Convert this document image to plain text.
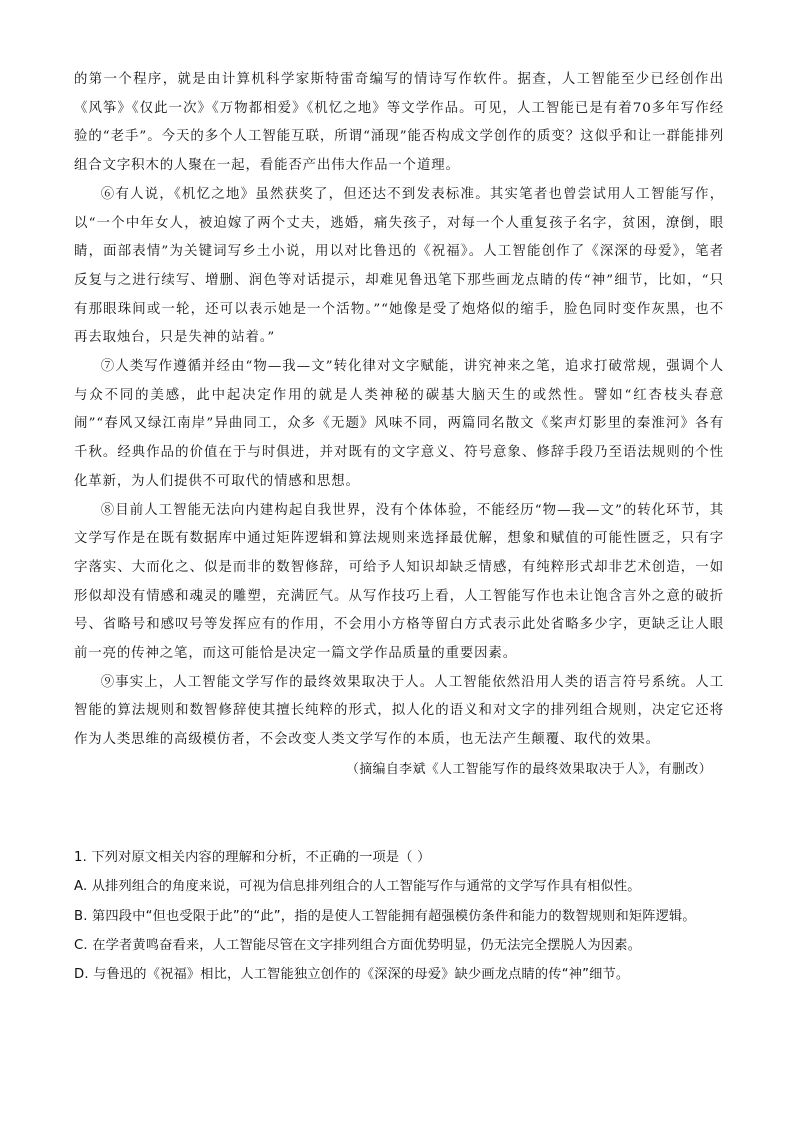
的第一个程序，就是由计算机科学家斯特雷奇编写的情诗写作软件。据查，人工智能至少已经创作出《风筝》《仅此一次》《万物都相爱》《机忆之地》等文学作品。可见，人工智能已是有着70多年写作经验的“老手”。今天的多个人工智能互联，所谓“涌现”能否构成文学创作的质变？这似乎和让一群能排列组合文字积木的人聚在一起，看能否产出伟大作品一个道理。

⑥有人说，《机忆之地》虽然获奖了，但还达不到发表标准。其实笔者也曾尝试用人工智能写作，以“一个中年女人，被迫嫁了两个丈夫，逃婚，痛失孩子，对每一个人重复孩子名字，贫困，潦倒，眼睛，面部表情”为关键词写乡土小说，用以对比鲁迅的《祝福》。人工智能创作了《深深的母爱》，笔者反复与之进行续写、增删、润色等对话提示，却难见鲁迅笔下那些画龙点睛的传“神”细节，比如，“只有那眼珠间或一轮，还可以表示她是一个活物。”“她像是受了炮烙似的缩手，脸色同时变作灰黑，也不再去取烛台，只是失神的站着。”

⑦人类写作遵循并经由“物—我—文”转化律对文字赋能，讲究神来之笔，追求打破常规，强调个人与众不同的美感，此中起决定作用的就是人类神秘的碳基大脑天生的或然性。譬如“红杏枝头春意闹”“春风又绿江南岸”异曲同工，众多《无题》风味不同，两篇同名散文《桨声灯影里的秦淮河》各有千秋。经典作品的价值在于与时俱进，并对既有的文字意义、符号意象、修辞手段乃至语法规则的个性化革新，为人们提供不可取代的情感和思想。

⑧目前人工智能无法向内建构起自我世界，没有个体体验，不能经历“物—我—文”的转化环节，其文学写作是在既有数据库中通过矩阵逻辑和算法规则来选择最优解，想象和赋值的可能性匮乏，只有字字落实、大而化之、似是而非的数智修辞，可给予人知识却缺乏情感，有纯粹形式却非艺术创造，一如形似却没有情感和魂灵的雕塑，充满匠气。从写作技巧上看，人工智能写作也未让饱含言外之意的破折号、省略号和感叹号等发挥应有的作用，不会用小方格等留白方式表示此处省略多少字，更缺乏让人眼前一亮的传神之笔，而这可能恰是决定一篇文学作品质量的重要因素。

⑨事实上，人工智能文学写作的最终效果取决于人。人工智能依然沿用人类的语言符号系统。人工智能的算法规则和数智修辞使其擅长纯粹的形式，拟人化的语义和对文字的排列组合规则，决定它还将作为人类思维的高级模仿者，不会改变人类文学写作的本质，也无法产生颠覆、取代的效果。

（摘编自李斌《人工智能写作的最终效果取决于人》，有删改）

1. 下列对原文相关内容的理解和分析，不正确的一项是（ ）

A. 从排列组合的角度来说，可视为信息排列组合的人工智能写作与通常的文学写作具有相似性。

B. 第四段中“但也受限于此”的“此”，指的是使人工智能拥有超强模仿条件和能力的数智规则和矩阵逻辑。

C. 在学者黄鸣奋看来，人工智能尽管在文字排列组合方面优势明显，仍无法完全摆脱人为因素。

D. 与鲁迅的《祝福》相比，人工智能独立创作的《深深的母爱》缺少画龙点睛的传“神”细节。
